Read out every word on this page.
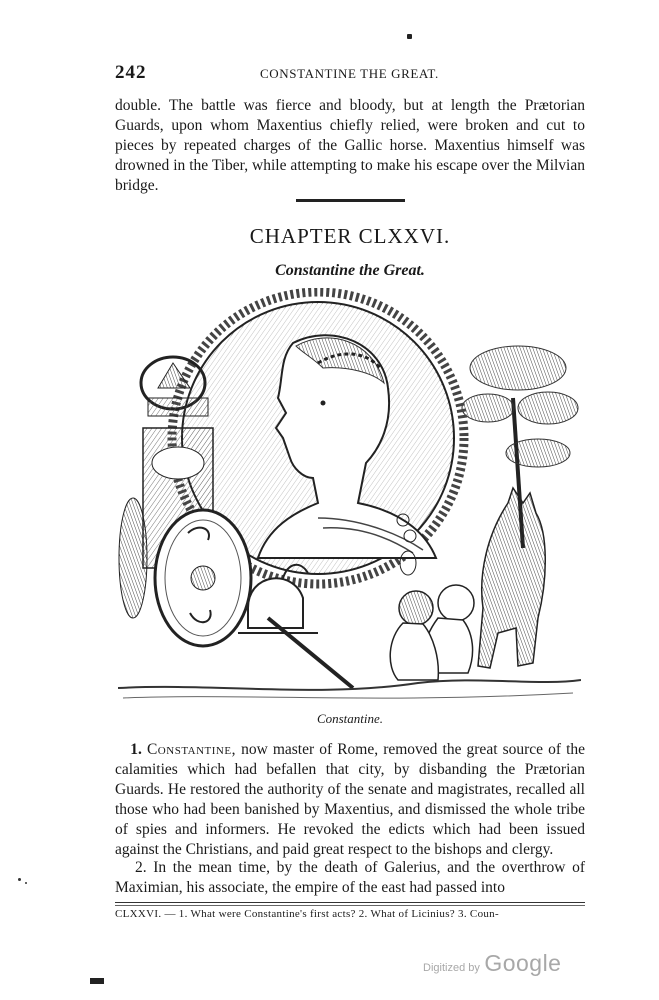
242	CONSTANTINE THE GREAT.

double. The battle was fierce and bloody, but at length the Prætorian Guards, upon whom Maxentius chiefly relied, were broken and cut to pieces by repeated charges of the Gallic horse. Maxentius himself was drowned in the Tiber, while attempting to make his escape over the Milvian bridge.

CHAPTER CLXXVI.
Constantine the Great.
Constantine.

1. Constantine, now master of Rome, removed the great source of the calamities which had befallen that city, by disbanding the Prætorian Guards. He restored the authority of the senate and magistrates, recalled all those who had been banished by Maxentius, and dismissed the whole tribe of spies and informers. He revoked the edicts which had been issued against the Christians, and paid great respect to the bishops and clergy.

2. In the mean time, by the death of Galerius, and the overthrow of Maximian, his associate, the empire of the east had passed into

CLXXVI. — 1. What were Constantine's first acts? 2. What of Licinius? 3. Coun-
Digitized by Google
